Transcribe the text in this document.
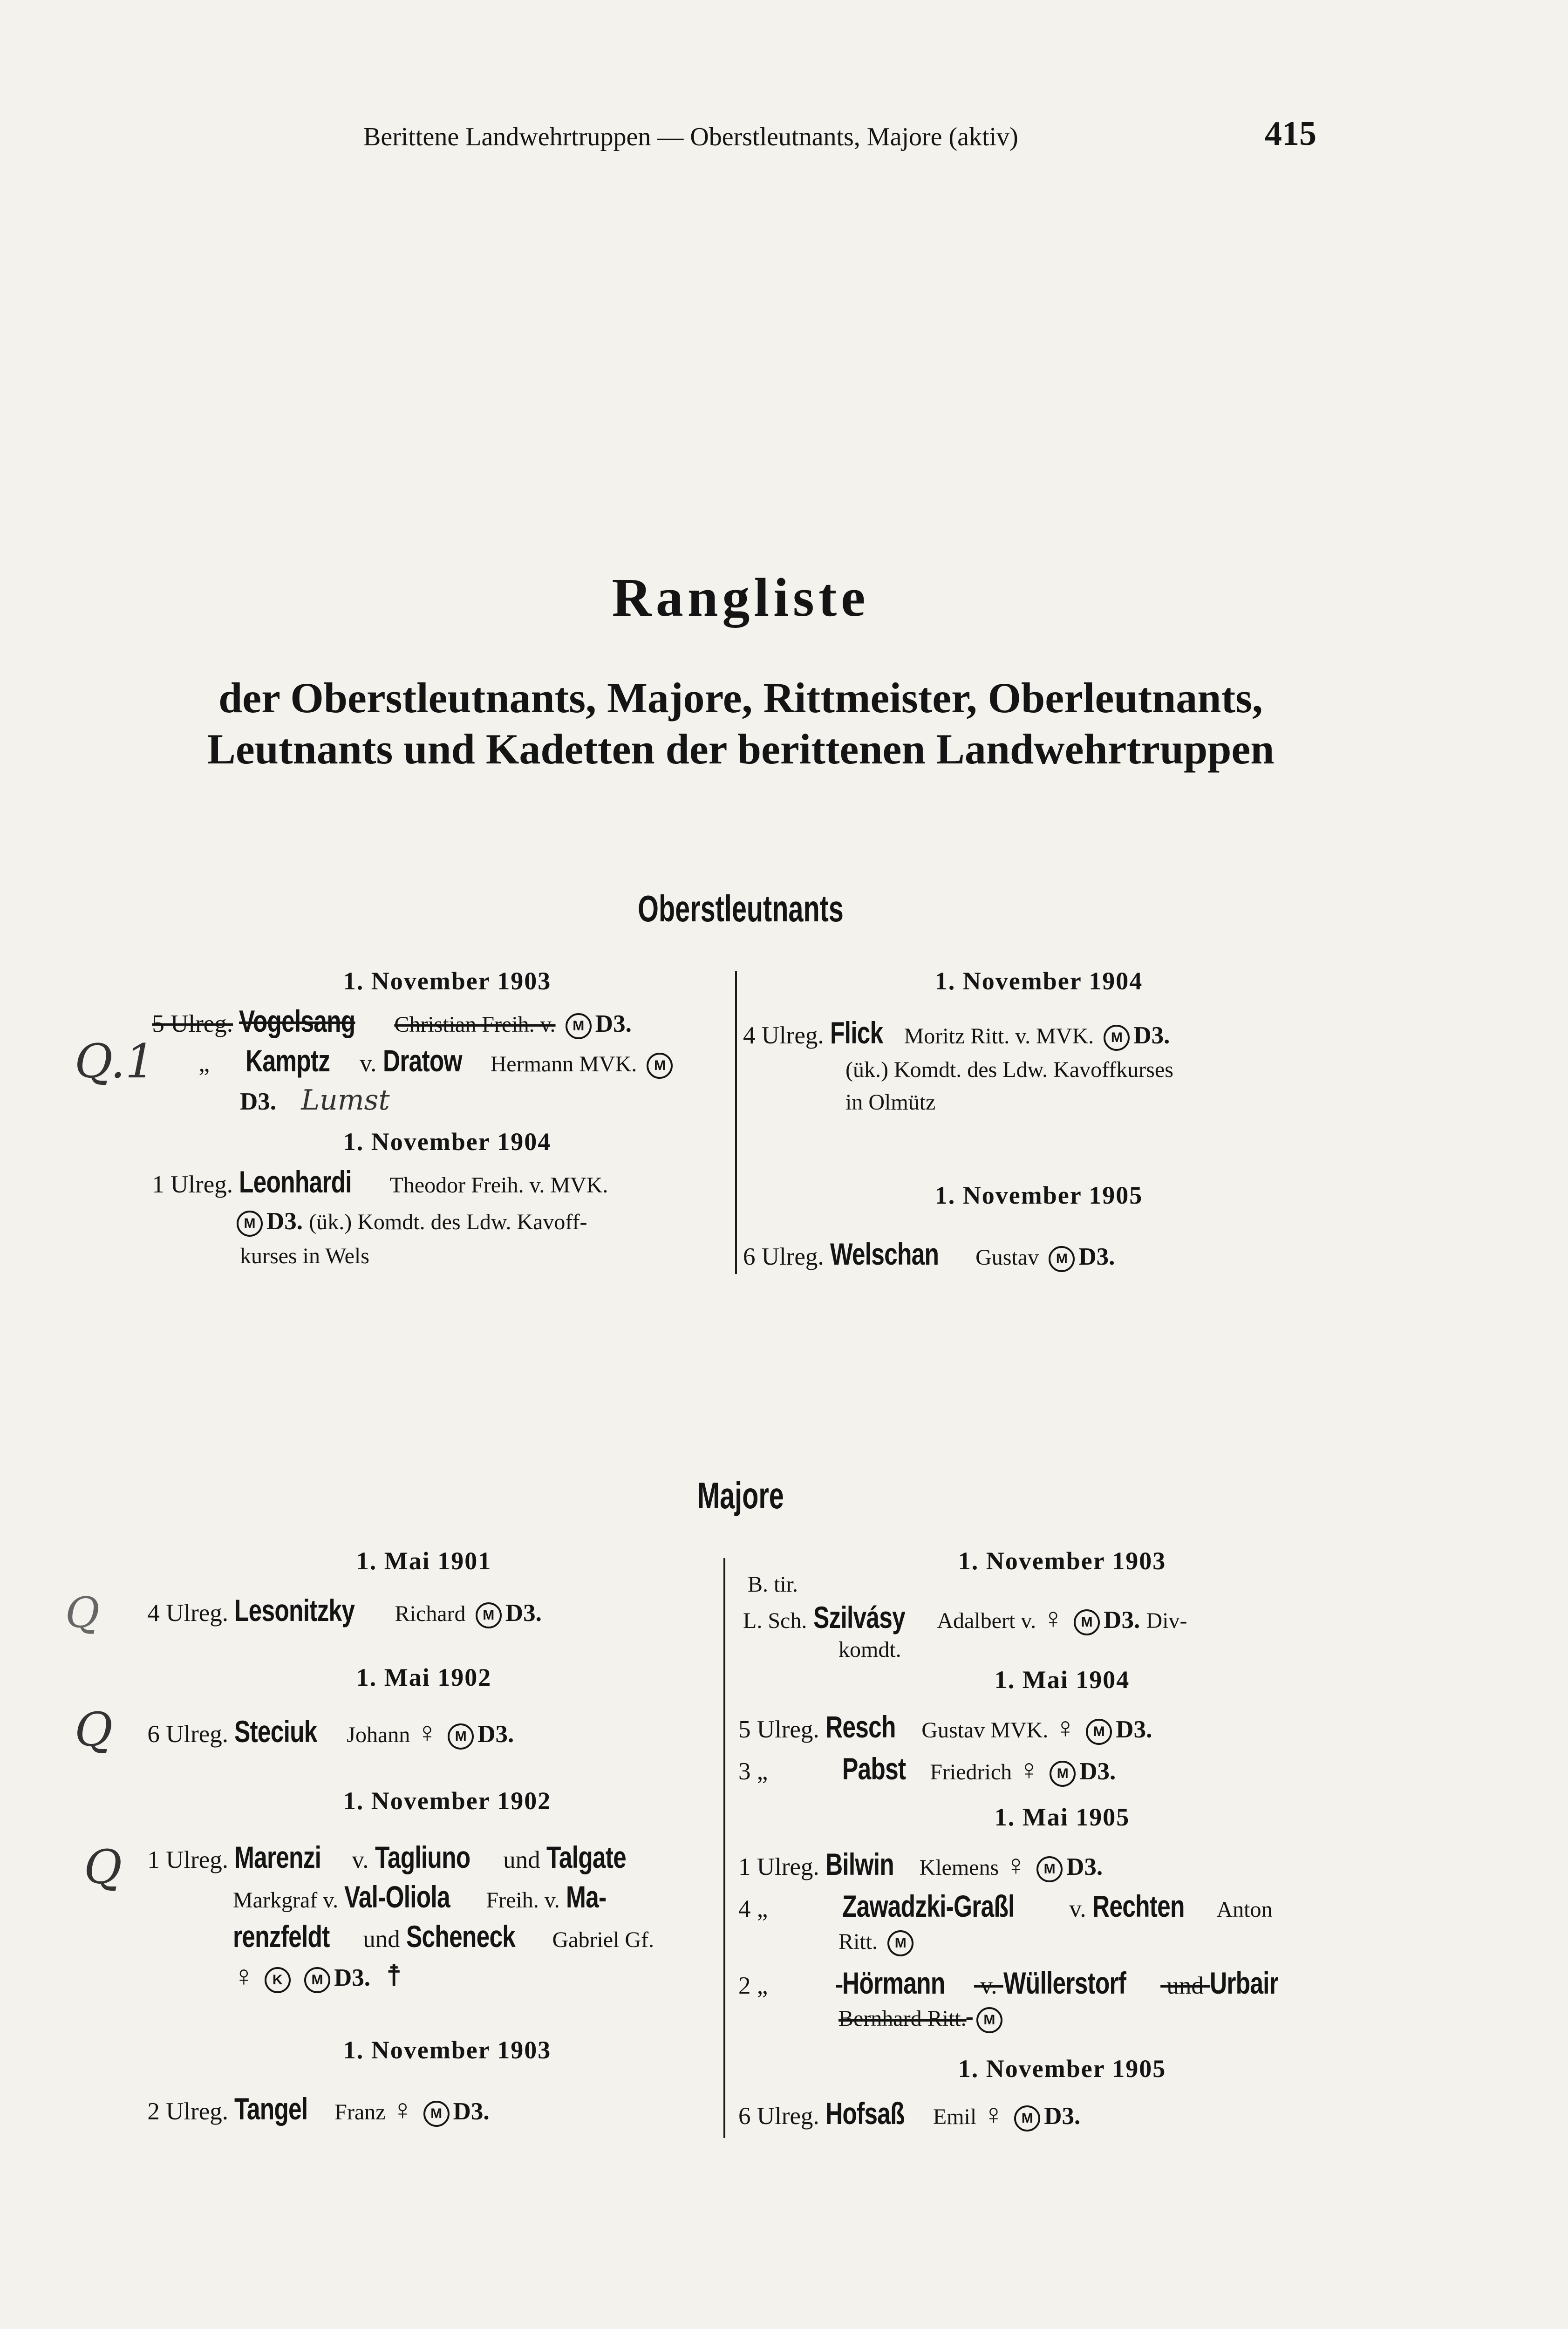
Berittene Landwehrtruppen — Oberstleutnants, Majore (aktiv)	415
Rangliste
der Oberstleutnants, Majore, Rittmeister, Oberleutnants,
Leutnants und Kadetten der berittenen Landwehrtruppen
Oberstleutnants
1. November 1903
5 Ulreg. Vogelsang Christian Freih. v. M D3.
Q.1	„ Kamptz v. Dratow Hermann MVK. M
D3. Lumst
1. November 1904
1 Ulreg. Leonhardi Theodor Freih. v. MVK.
M D3. (ük.) Komdt. des Ldw. Kavoff-
kurses in Wels
1. November 1904
4 Ulreg. Flick Moritz Ritt. v. MVK. M D3.
(ük.) Komdt. des Ldw. Kavoffkurses
in Olmütz
1. November 1905
6 Ulreg. Welschan Gustav M D3.
Majore
1. Mai 1901
4 Ulreg. Lesonitzky Richard M D3.
1. Mai 1902
Q	6 Ulreg. Steciuk Johann ♀ M D3.
1. November 1902
Q	1 Ulreg. Marenzi v. Tagliuno und Talgate
Markgraf v. Val-Oliola Freih. v. Ma-
renzfeldt und Scheneck Gabriel Gf.
♀ K M D3. ☨
1. November 1903
2 Ulreg. Tangel Franz ♀ M D3.
1. November 1903
B. tir.
L. Sch. Szilvásy Adalbert v. ♀ M D3. Div-
komdt.
1. Mai 1904
5 Ulreg. Resch Gustav MVK. ♀ M D3.
3 „ Pabst Friedrich ♀ M D3.
1. Mai 1905
1 Ulreg. Bilwin Klemens ♀ M D3.
4 „ Zawadzki-Graßl v. Rechten Anton
Ritt. M
2 „ Hörmann v. Wüllerstorf und Urbair
Bernhard Ritt. M
1. November 1905
6 Ulreg. Hofsaß Emil ♀ M D3.
Q
